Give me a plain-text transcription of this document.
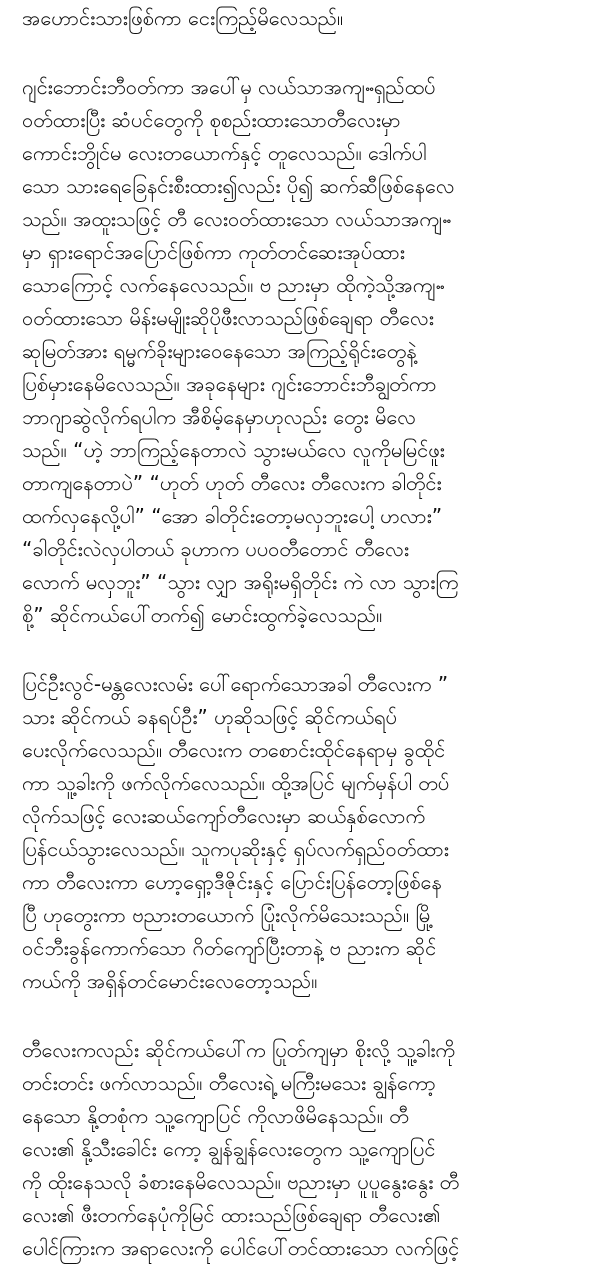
အဟောင်းသားဖြစ်ကာ ငေးကြည့်မိလေသည်။
ဂျင်းဘောင်းဘီဝတ်ကာ အပေါ်မှ လယ်သာအကျႌရှည်ထပ်
ဝတ်ထားပြီး ဆံပင်တွေကို စုစည်းထားသောတီလေးမှာ
ကောင်းဘွိုင်မ လေးတယောက်နှင့် တူလေသည်။ ဒေါက်ပါ
သော သားရေခြေနင်းစီးထား၍လည်း ပို၍ ဆက်ဆီဖြစ်နေလေ
သည်။ အထူးသဖြင့် တီ လေးဝတ်ထားသော လယ်သာအကျႌ
မှာ ရှားရောင်အပြောင်ဖြစ်ကာ ကုတ်တင်ဆေးအုပ်ထား
သောကြောင့် လက်နေလေသည်။ ဗ ညားမှာ ထိုကဲ့သို့အကျႌ
ဝတ်ထားသော မိန်းမမျိုးဆိုပိုဖီးလာသည်ဖြစ်ချေရာ တီလေး
ဆုမြတ်အား ရမ္မက်ခိုးများဝေနေသော အကြည့်ရိုင်းတွေနဲ့
ပြစ်မှားနေမိလေသည်။ အခုနေများ ဂျင်းဘောင်းဘီချွတ်ကာ
ဘာဂျာဆွဲလိုက်ရပါက အီစိမ့်နေမှာဟုလည်း တွေး မိလေ
သည်။ “ဟဲ့ ဘာကြည့်နေတာလဲ သွားမယ်လေ လူကိုမမြင်ဖူး
တာကျနေတာပဲ” “ဟုတ် ဟုတ် တီလေး တီလေးက ခါတိုင်း
ထက်လှနေလို့ပါ” “အော ခါတိုင်းတော့မလှဘူးပေါ့ ဟလား”
“ခါတိုင်းလဲလှပါတယ် ခုဟာက ပပဝတီတောင် တီလေး
လောက် မလှဘူး” “သွား လျှာ အရိုးမရှိတိုင်း ကဲ လာ သွားကြ
စို့” ဆိုင်ကယ်ပေါ်တက်၍ မောင်းထွက်ခဲ့လေသည်။
ပြင်ဦးလွင်-မန္တလေးလမ်း ပေါ်ရောက်သောအခါ တီလေးက ”
သား ဆိုင်ကယ် ခနရပ်ဦး” ဟုဆိုသဖြင့် ဆိုင်ကယ်ရပ်
ပေးလိုက်လေသည်။ တီလေးက တစောင်းထိုင်နေရာမှ ခွထိုင်
ကာ သူ့ခါးကို ဖက်လိုက်လေသည်။ ထို့အပြင် မျက်မှန်ပါ တပ်
လိုက်သဖြင့် လေးဆယ်ကျော်တီလေးမှာ ဆယ်နှစ်လောက်
ပြန်ငယ်သွားလေသည်။ သူကပုဆိုးနှင့် ရှပ်လက်ရှည်ဝတ်ထား
ကာ တီလေးကာ ဟော့ရှော့ဒီဇိုင်းနှင့် ပြောင်းပြန်တော့ဖြစ်နေ
ပြီ ဟုတွေးကာ ဗညားတယောက် ပြုံးလိုက်မိသေးသည်။ မြို့
ဝင်ဘီးခွန်ကောက်သော ဂိတ်ကျော်ပြီးတာနဲ့ ဗ ညားက ဆိုင်
ကယ်ကို အရှိန်တင်မောင်းလေတော့သည်။
တီလေးကလည်း ဆိုင်ကယ်ပေါ်က ပြုတ်ကျမှာ စိုးလို့ သူ့ခါးကို
တင်းတင်း ဖက်လာသည်။ တီလေးရဲ့ မကြီးမသေး ချွန်ကော့
နေသော နို့တစုံက သူ့ကျောပြင် ကိုလာဖိမိနေသည်။ တီ
လေး၏ နို့သီးခေါင်း ကော့ ချွန်ချွန်လေးတွေက သူ့ကျောပြင်
ကို ထိုးနေသလို ခံစားနေမိလေသည်။ ဗညားမှာ ပူပူနွေးနွေး တီ
လေး၏ ဖီးတက်နေပုံကိုမြင် ထားသည်ဖြစ်ချေရာ တီလေး၏
ပေါင်ကြားက အရာလေးကို ပေါင်ပေါ်တင်ထားသော လက်ဖြင့်
